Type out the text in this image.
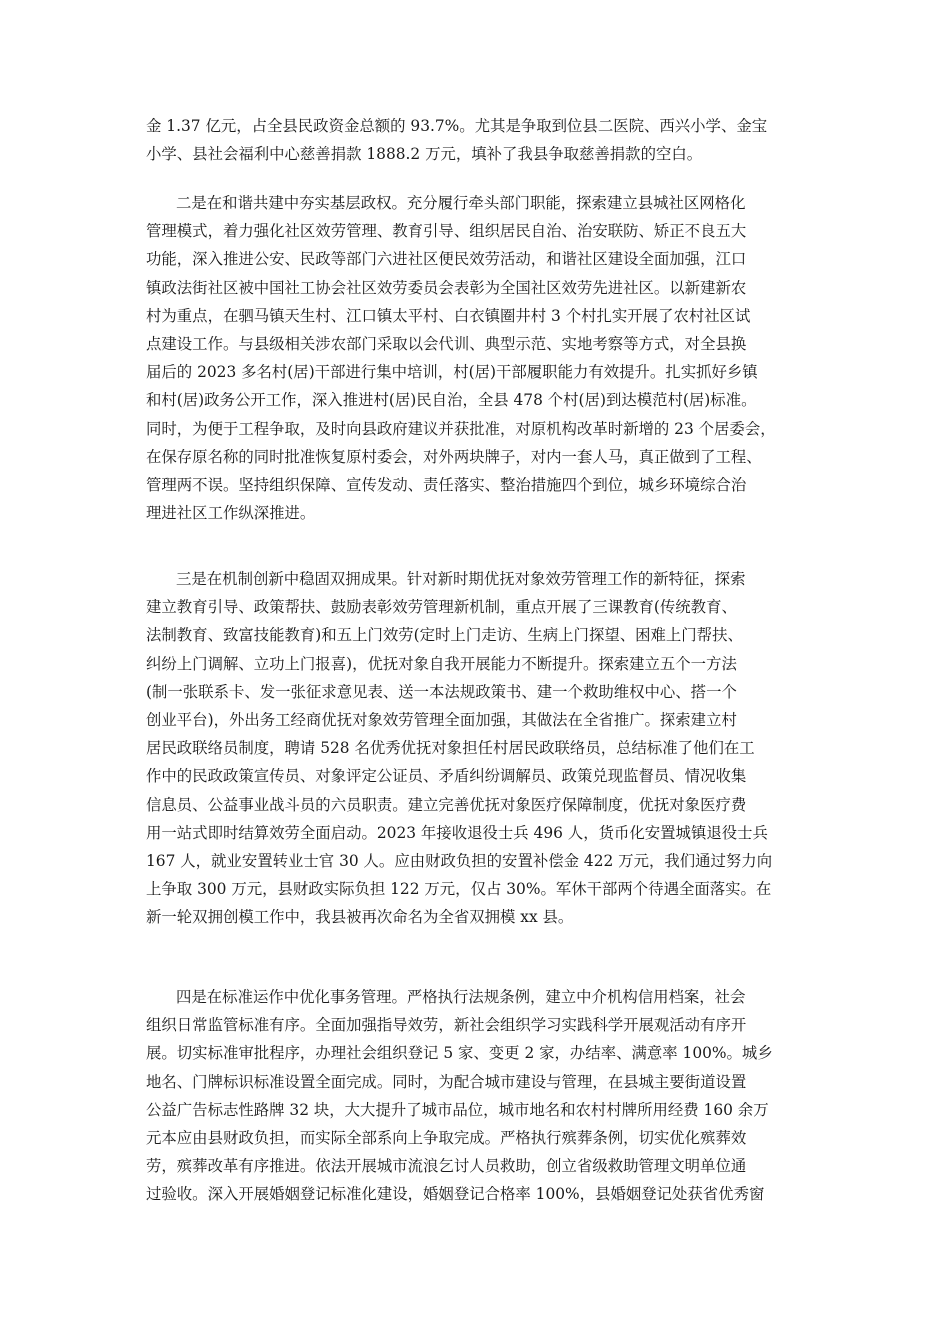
金 1.37 亿元，占全县民政资金总额的 93.7%。尤其是争取到位县二医院、西兴小学、金宝
小学、县社会福利中心慈善捐款 1888.2 万元，填补了我县争取慈善捐款的空白。
二是在和谐共建中夯实基层政权。充分履行牵头部门职能，探索建立县城社区网格化
管理模式，着力强化社区效劳管理、教育引导、组织居民自治、治安联防、矫正不良五大
功能，深入推进公安、民政等部门六进社区便民效劳活动，和谐社区建设全面加强，江口
镇政法街社区被中国社工协会社区效劳委员会表彰为全国社区效劳先进社区。以新建新农
村为重点，在驷马镇天生村、江口镇太平村、白衣镇圈井村 3 个村扎实开展了农村社区试
点建设工作。与县级相关涉农部门采取以会代训、典型示范、实地考察等方式，对全县换
届后的 2023 多名村(居)干部进行集中培训，村(居)干部履职能力有效提升。扎实抓好乡镇
和村(居)政务公开工作，深入推进村(居)民自治，全县 478 个村(居)到达模范村(居)标准。
同时，为便于工程争取，及时向县政府建议并获批准，对原机构改革时新增的 23 个居委会，
在保存原名称的同时批准恢复原村委会，对外两块牌子，对内一套人马，真正做到了工程、
管理两不误。坚持组织保障、宣传发动、责任落实、整治措施四个到位，城乡环境综合治
理进社区工作纵深推进。
三是在机制创新中稳固双拥成果。针对新时期优抚对象效劳管理工作的新特征，探索
建立教育引导、政策帮扶、鼓励表彰效劳管理新机制，重点开展了三课教育(传统教育、
法制教育、致富技能教育)和五上门效劳(定时上门走访、生病上门探望、困难上门帮扶、
纠纷上门调解、立功上门报喜)，优抚对象自我开展能力不断提升。探索建立五个一方法
(制一张联系卡、发一张征求意见表、送一本法规政策书、建一个救助维权中心、搭一个
创业平台)，外出务工经商优抚对象效劳管理全面加强，其做法在全省推广。探索建立村
居民政联络员制度，聘请 528 名优秀优抚对象担任村居民政联络员，总结标准了他们在工
作中的民政政策宣传员、对象评定公证员、矛盾纠纷调解员、政策兑现监督员、情况收集
信息员、公益事业战斗员的六员职责。建立完善优抚对象医疗保障制度，优抚对象医疗费
用一站式即时结算效劳全面启动。2023 年接收退役士兵 496 人，货币化安置城镇退役士兵
167 人，就业安置转业士官 30 人。应由财政负担的安置补偿金 422 万元，我们通过努力向
上争取 300 万元，县财政实际负担 122 万元，仅占 30%。军休干部两个待遇全面落实。在
新一轮双拥创模工作中，我县被再次命名为全省双拥模 xx 县。
四是在标准运作中优化事务管理。严格执行法规条例，建立中介机构信用档案，社会
组织日常监管标准有序。全面加强指导效劳，新社会组织学习实践科学开展观活动有序开
展。切实标准审批程序，办理社会组织登记 5 家、变更 2 家，办结率、满意率 100%。城乡
地名、门牌标识标准设置全面完成。同时，为配合城市建设与管理，在县城主要街道设置
公益广告标志性路牌 32 块，大大提升了城市品位，城市地名和农村村牌所用经费 160 余万
元本应由县财政负担，而实际全部系向上争取完成。严格执行殡葬条例，切实优化殡葬效
劳，殡葬改革有序推进。依法开展城市流浪乞讨人员救助，创立省级救助管理文明单位通
过验收。深入开展婚姻登记标准化建设，婚姻登记合格率 100%，县婚姻登记处获省优秀窗
